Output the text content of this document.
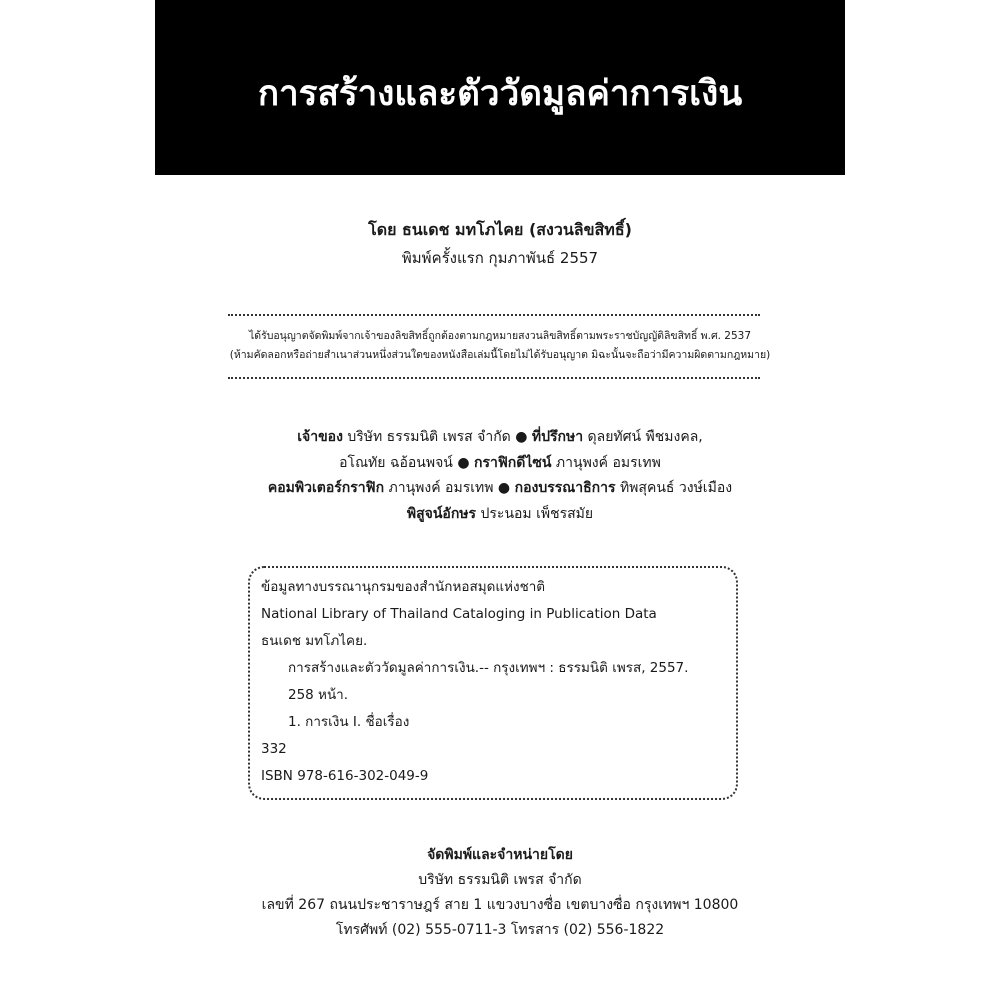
การสร้างและตัววัดมูลค่าการเงิน
โดย ธนเดช มทโภไคย (สงวนลิขสิทธิ์)
พิมพ์ครั้งแรก กุมภาพันธ์ 2557
ได้รับอนุญาตจัดพิมพ์จากเจ้าของลิขสิทธิ์ถูกต้องตามกฎหมายสงวนลิขสิทธิ์ตามพระราชบัญญัติลิขสิทธิ์ พ.ศ. 2537
(ห้ามคัดลอกหรือถ่ายสำเนาส่วนหนึ่งส่วนใดของหนังสือเล่มนี้โดยไม่ได้รับอนุญาต มิฉะนั้นจะถือว่ามีความผิดตามกฎหมาย)
เจ้าของ บริษัท ธรรมนิติ เพรส จำกัด ● ที่ปรึกษา ดุลยทัศน์ พืชมงคล,
อโณทัย ฉอ้อนพจน์ ● กราฟิกดีไซน์ ภานุพงค์ อมรเทพ
คอมพิวเตอร์กราฟิก ภานุพงค์ อมรเทพ ● กองบรรณาธิการ ทิพสุคนธ์ วงษ์เมือง
พิสูจน์อักษร ประนอม เพ็ชรสมัย
ข้อมูลทางบรรณานุกรมของสำนักหอสมุดแห่งชาติ
National Library of Thailand Cataloging in Publication Data
ธนเดช มทโภไคย.
การสร้างและตัววัดมูลค่าการเงิน.-- กรุงเทพฯ : ธรรมนิติ เพรส, 2557.
258 หน้า.
1. การเงิน I. ชื่อเรื่อง
332
ISBN 978-616-302-049-9
จัดพิมพ์และจำหน่ายโดย
บริษัท ธรรมนิติ เพรส จำกัด
เลขที่ 267 ถนนประชาราษฎร์ สาย 1 แขวงบางซื่อ เขตบางซื่อ กรุงเทพฯ 10800
โทรศัพท์ (02) 555-0711-3 โทรสาร (02) 556-1822
